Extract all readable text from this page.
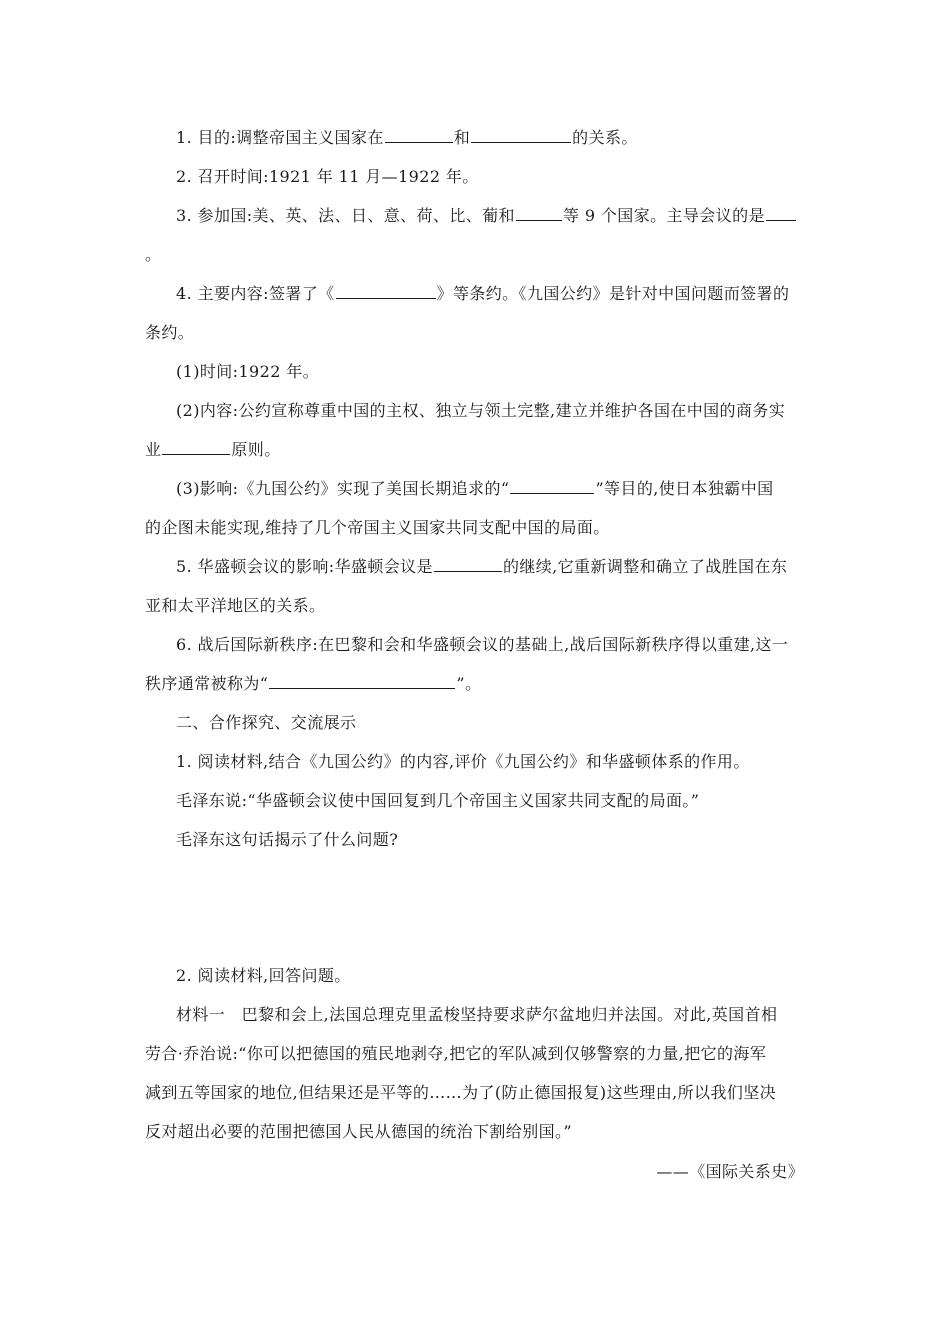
1. 目的:调整帝国主义国家在	和	的关系。
2. 召开时间:1921 年 11 月—1922 年。
3. 参加国:美、英、法、日、意、荷、比、葡和	等 9 个国家。主导会议的是
。
4. 主要内容:签署了《	》等条约。《九国公约》是针对中国问题而签署的
条约。
(1)时间:1922 年。
(2)内容:公约宣称尊重中国的主权、独立与领土完整,建立并维护各国在中国的商务实
业	原则。
(3)影响:《九国公约》实现了美国长期追求的“	”等目的,使日本独霸中国
的企图未能实现,维持了几个帝国主义国家共同支配中国的局面。
5. 华盛顿会议的影响:华盛顿会议是	的继续,它重新调整和确立了战胜国在东
亚和太平洋地区的关系。
6. 战后国际新秩序:在巴黎和会和华盛顿会议的基础上,战后国际新秩序得以重建,这一
秩序通常被称为“	”。
二、合作探究、交流展示
1. 阅读材料,结合《九国公约》的内容,评价《九国公约》和华盛顿体系的作用。
毛泽东说:“华盛顿会议使中国回复到几个帝国主义国家共同支配的局面。”
毛泽东这句话揭示了什么问题?
2. 阅读材料,回答问题。
材料一　巴黎和会上,法国总理克里孟梭坚持要求萨尔盆地归并法国。对此,英国首相
劳合·乔治说:“你可以把德国的殖民地剥夺,把它的军队减到仅够警察的力量,把它的海军
减到五等国家的地位,但结果还是平等的……为了(防止德国报复)这些理由,所以我们坚决
反对超出必要的范围把德国人民从德国的统治下割给别国。”
——《国际关系史》
